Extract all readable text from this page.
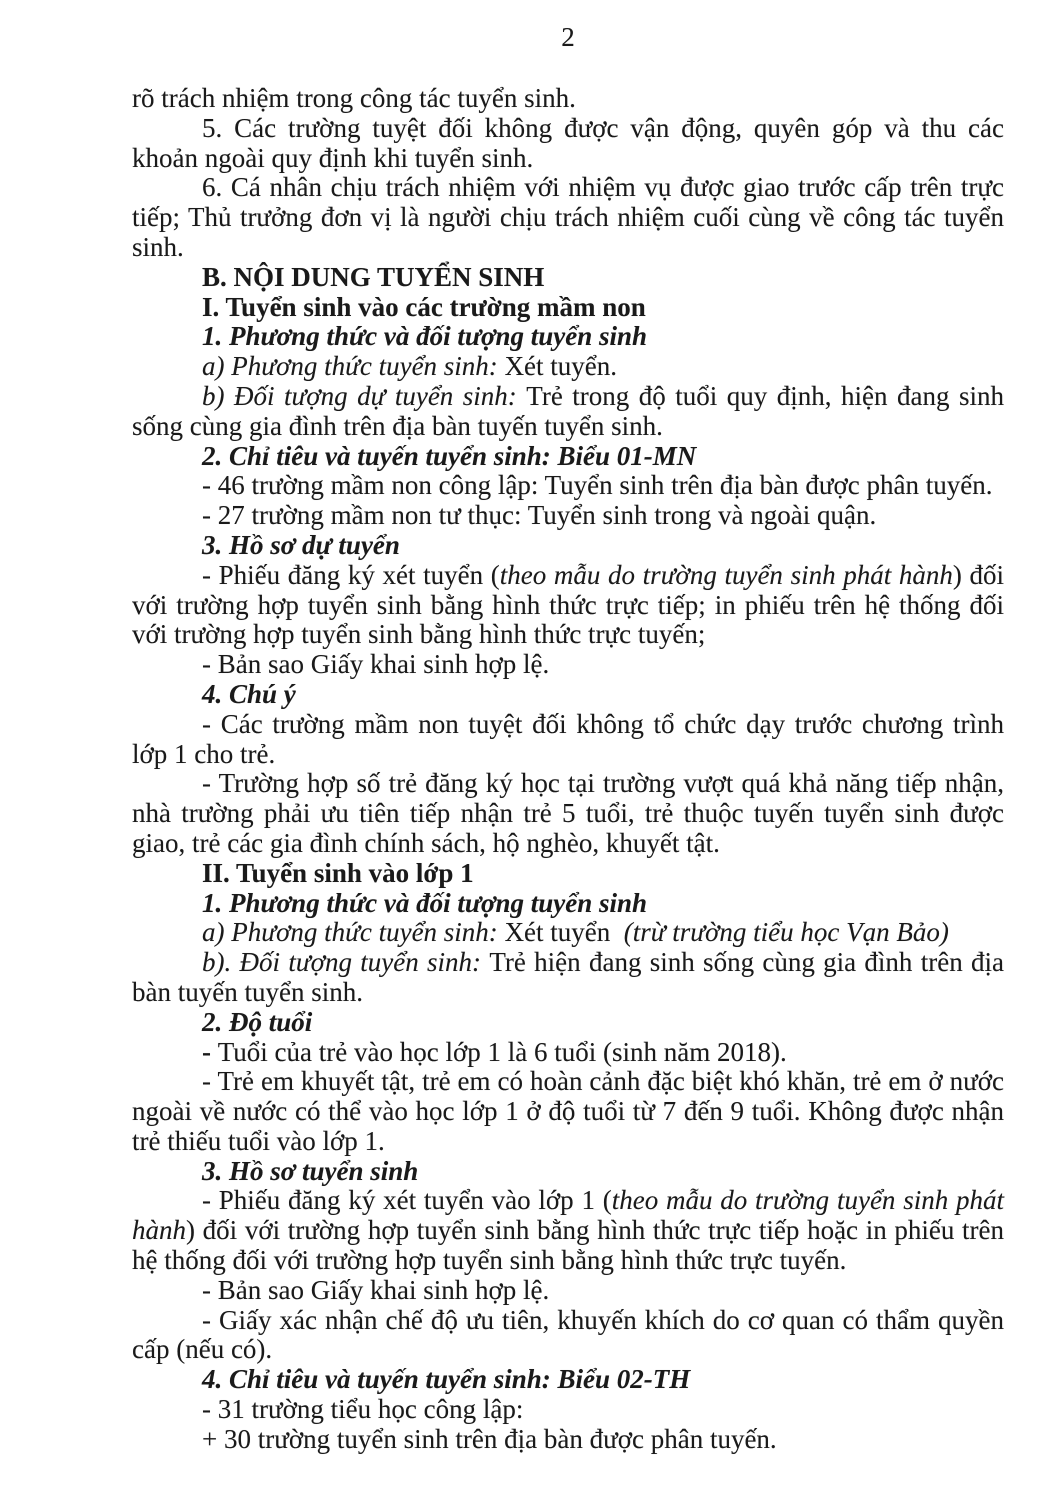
2

rõ trách nhiệm trong công tác tuyển sinh.

5. Các trường tuyệt đối không được vận động, quyên góp và thu các khoản ngoài quy định khi tuyển sinh.

6. Cá nhân chịu trách nhiệm với nhiệm vụ được giao trước cấp trên trực tiếp; Thủ trưởng đơn vị là người chịu trách nhiệm cuối cùng về công tác tuyển sinh.

B. NỘI DUNG TUYỂN SINH

I. Tuyển sinh vào các trường mầm non

1. Phương thức và đối tượng tuyển sinh

a) Phương thức tuyển sinh: Xét tuyển.

b) Đối tượng dự tuyển sinh: Trẻ trong độ tuổi quy định, hiện đang sinh sống cùng gia đình trên địa bàn tuyến tuyển sinh.

2. Chỉ tiêu và tuyến tuyển sinh: Biểu 01-MN

- 46 trường mầm non công lập: Tuyển sinh trên địa bàn được phân tuyến.

- 27 trường mầm non tư thục: Tuyển sinh trong và ngoài quận.

3. Hồ sơ dự tuyển

- Phiếu đăng ký xét tuyển (theo mẫu do trường tuyển sinh phát hành) đối với trường hợp tuyển sinh bằng hình thức trực tiếp; in phiếu trên hệ thống đối với trường hợp tuyển sinh bằng hình thức trực tuyến;

- Bản sao Giấy khai sinh hợp lệ.

4. Chú ý

- Các trường mầm non tuyệt đối không tổ chức dạy trước chương trình lớp 1 cho trẻ.

- Trường hợp số trẻ đăng ký học tại trường vượt quá khả năng tiếp nhận, nhà trường phải ưu tiên tiếp nhận trẻ 5 tuổi, trẻ thuộc tuyến tuyển sinh được giao, trẻ các gia đình chính sách, hộ nghèo, khuyết tật.

II. Tuyển sinh vào lớp 1

1. Phương thức và đối tượng tuyển sinh

a) Phương thức tuyển sinh: Xét tuyển  (trừ trường tiểu học Vạn Bảo)

b). Đối tượng tuyển sinh: Trẻ hiện đang sinh sống cùng gia đình trên địa bàn tuyến tuyển sinh.

2. Độ tuổi

- Tuổi của trẻ vào học lớp 1 là 6 tuổi (sinh năm 2018).

- Trẻ em khuyết tật, trẻ em có hoàn cảnh đặc biệt khó khăn, trẻ em ở nước ngoài về nước có thể vào học lớp 1 ở độ tuổi từ 7 đến 9 tuổi. Không được nhận trẻ thiếu tuổi vào lớp 1.

3. Hồ sơ tuyển sinh

- Phiếu đăng ký xét tuyển vào lớp 1 (theo mẫu do trường tuyển sinh phát hành) đối với trường hợp tuyển sinh bằng hình thức trực tiếp hoặc in phiếu trên hệ thống đối với trường hợp tuyển sinh bằng hình thức trực tuyến.

- Bản sao Giấy khai sinh hợp lệ.

- Giấy xác nhận chế độ ưu tiên, khuyến khích do cơ quan có thẩm quyền cấp (nếu có).

4. Chỉ tiêu và tuyến tuyển sinh: Biểu 02-TH

- 31 trường tiểu học công lập:

+ 30 trường tuyển sinh trên địa bàn được phân tuyến.
